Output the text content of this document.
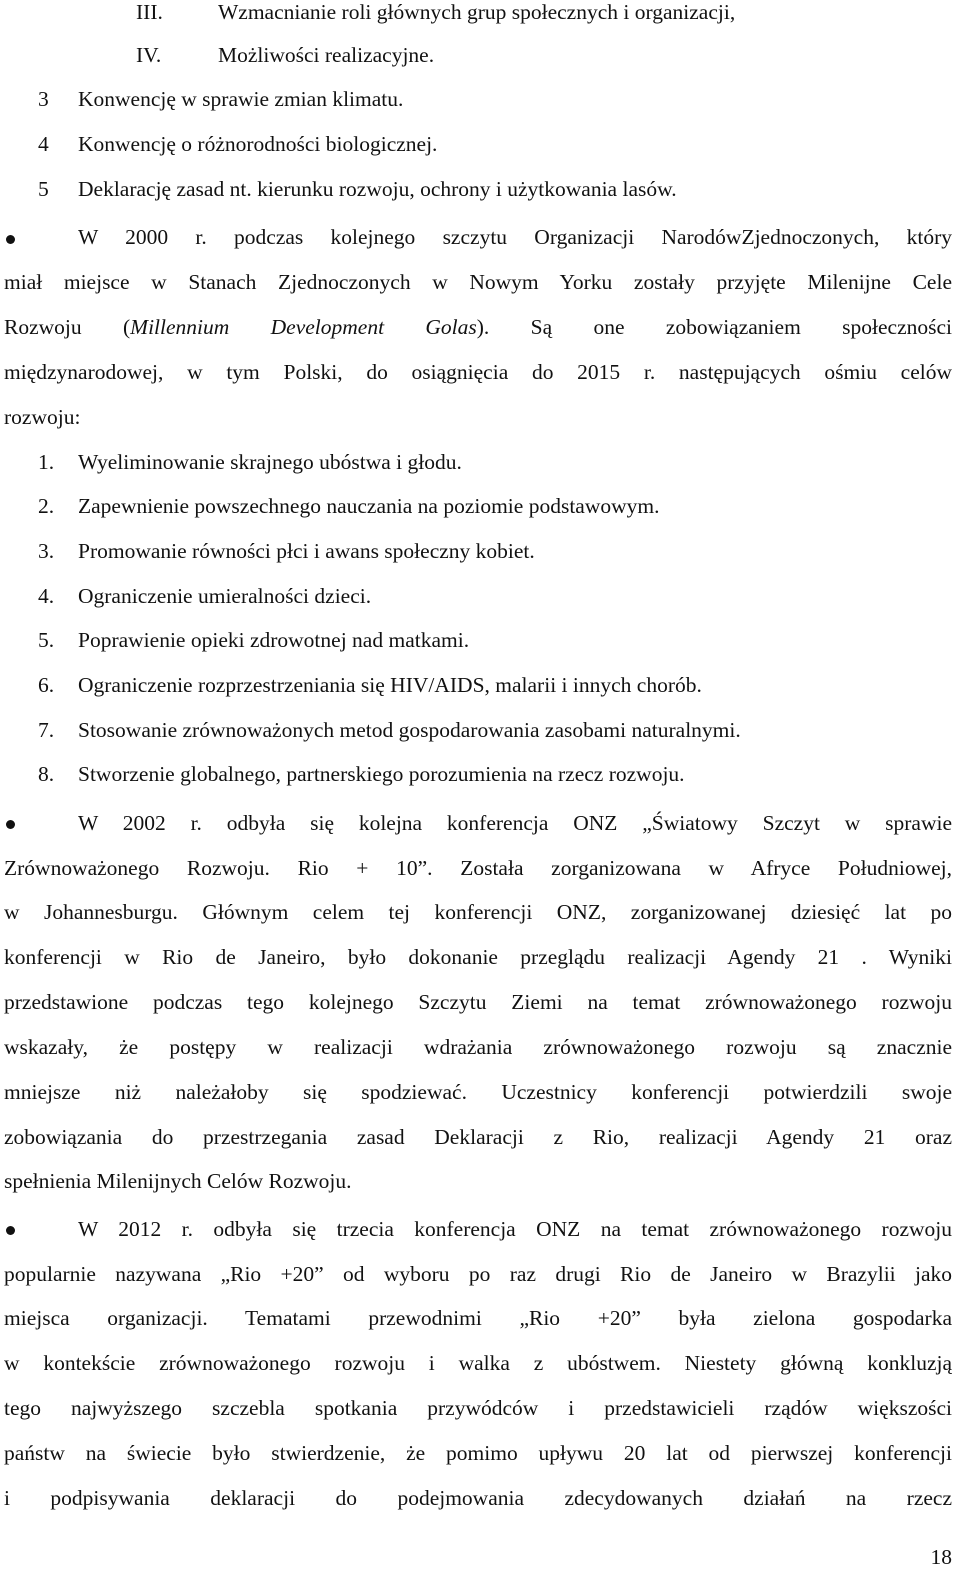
III.	Wzmacnianie roli głównych grup społecznych i organizacji,
IV.	Możliwości realizacyjne.
3 Konwencję w sprawie zmian klimatu.
4 Konwencję o różnorodności biologicznej.
5 Deklarację zasad nt. kierunku rozwoju, ochrony i użytkowania lasów.
W 2000 r. podczas kolejnego szczytu Organizacji NarodówZjednoczonych, który
miał miejsce w Stanach Zjednoczonych w Nowym Yorku zostały przyjęte Milenijne Cele
Rozwoju (Millennium Development Golas). Są one zobowiązaniem społeczności
międzynarodowej, w tym Polski, do osiągnięcia do 2015 r. następujących ośmiu celów
rozwoju:
1. Wyeliminowanie skrajnego ubóstwa i głodu.
2. Zapewnienie powszechnego nauczania na poziomie podstawowym.
3. Promowanie równości płci i awans społeczny kobiet.
4. Ograniczenie umieralności dzieci.
5. Poprawienie opieki zdrowotnej nad matkami.
6. Ograniczenie rozprzestrzeniania się HIV/AIDS, malarii i innych chorób.
7. Stosowanie zrównoważonych metod gospodarowania zasobami naturalnymi.
8. Stworzenie globalnego, partnerskiego porozumienia na rzecz rozwoju.
W 2002 r. odbyła się kolejna konferencja ONZ „Światowy Szczyt w sprawie
Zrównoważonego Rozwoju. Rio + 10”. Została zorganizowana w Afryce Południowej,
w Johannesburgu. Głównym celem tej konferencji ONZ, zorganizowanej dziesięć lat po
konferencji w Rio de Janeiro, było dokonanie przeglądu realizacji Agendy 21 . Wyniki
przedstawione podczas tego kolejnego Szczytu Ziemi na temat zrównoważonego rozwoju
wskazały, że postępy w realizacji wdrażania zrównoważonego rozwoju są znacznie
mniejsze niż należałoby się spodziewać. Uczestnicy konferencji potwierdzili swoje
zobowiązania do przestrzegania zasad Deklaracji z Rio, realizacji Agendy 21 oraz
spełnienia Milenijnych Celów Rozwoju.
W 2012 r. odbyła się trzecia konferencja ONZ na temat zrównoważonego rozwoju
popularnie nazywana „Rio +20” od wyboru po raz drugi Rio de Janeiro w Brazylii jako
miejsca organizacji. Tematami przewodnimi „Rio +20” była zielona gospodarka
w kontekście zrównoważonego rozwoju i walka z ubóstwem. Niestety główną konkluzją
tego najwyższego szczebla spotkania przywódców i przedstawicieli rządów większości
państw na świecie było stwierdzenie, że pomimo upływu 20 lat od pierwszej konferencji
i podpisywania deklaracji do podejmowania zdecydowanych działań na rzecz
18
